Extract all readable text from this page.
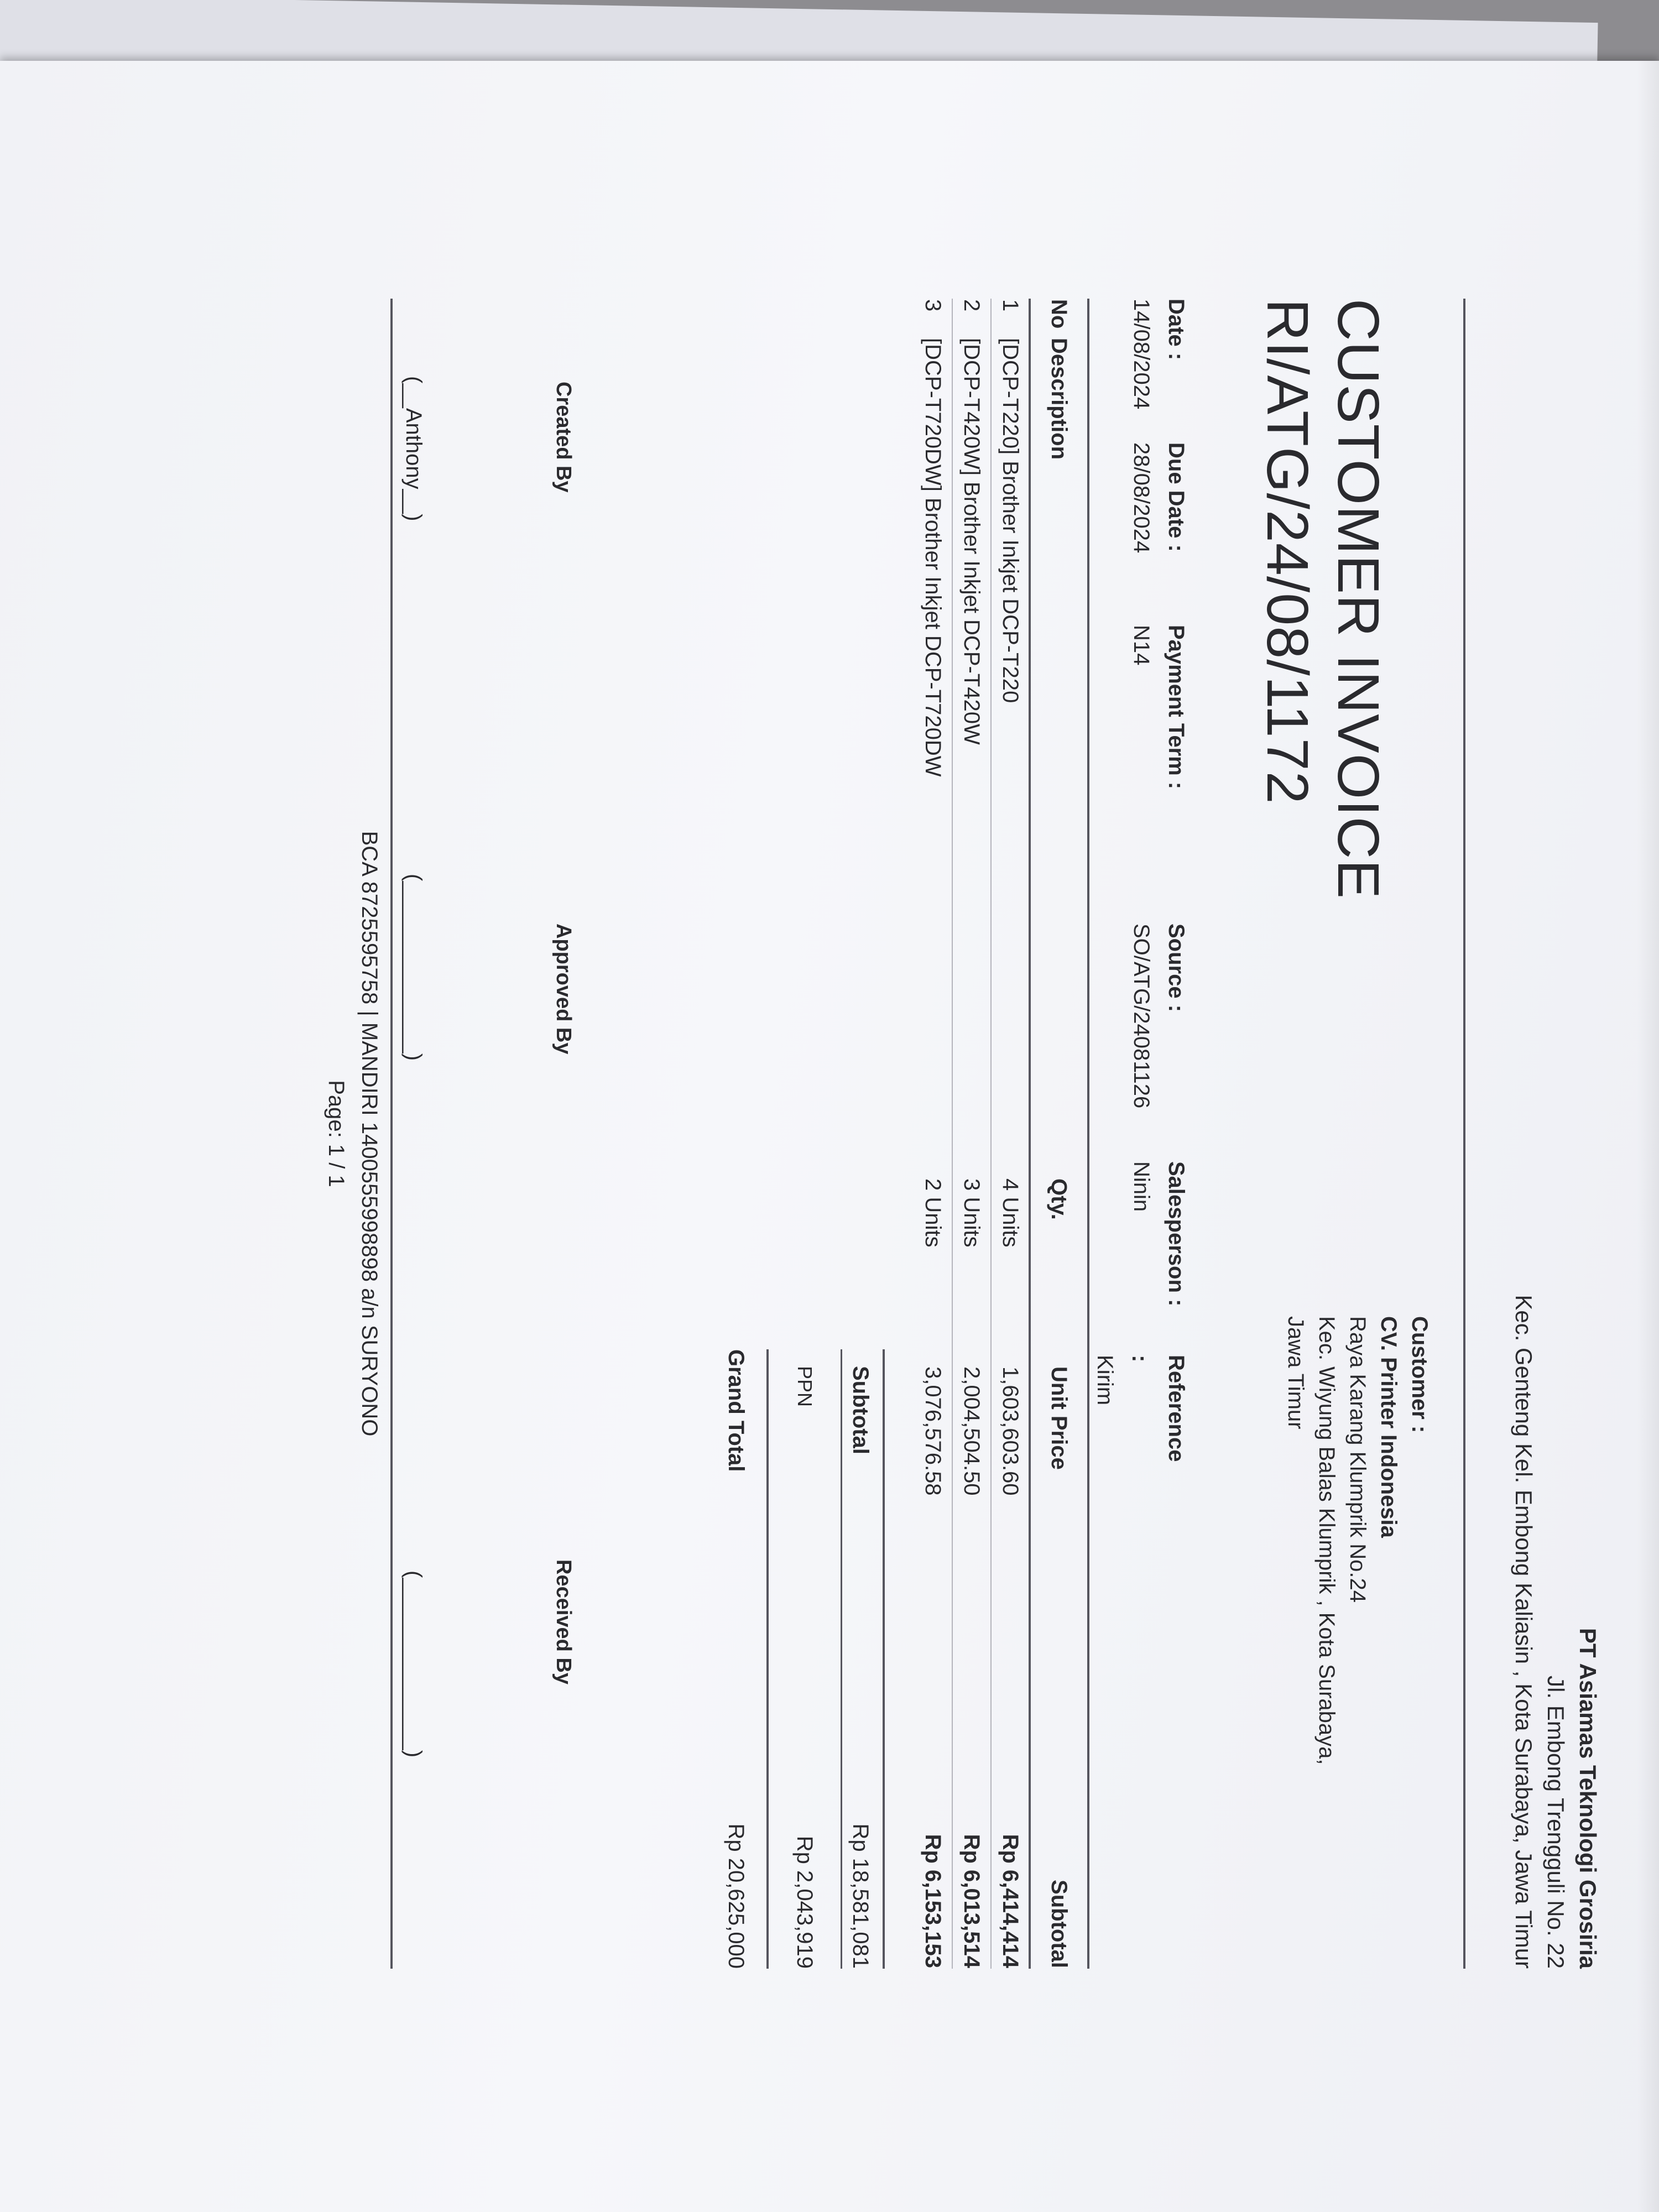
PT Asiamas Teknologi Grosiria
Jl. Embong Trengguli No. 22
Kec. Genteng Kel. Embong Kaliasin , Kota Surabaya, Jawa Timur
Customer :
CV. Printer Indonesia
Raya Karang Klumprik No.24
Kec. Wiyung Balas Klumprik , Kota Surabaya,
Jawa Timur
CUSTOMER INVOICE
RI/ATG/24/08/1172
Date :
14/08/2024
Due Date :
28/08/2024
Payment Term :
N14
Source :
SO/ATG/24081126
Salesperson :
Ninin
Reference :
Kirim
No	Description	Qty.	Unit Price	Subtotal
1	[DCP-T220] Brother Inkjet DCP-T220	4 Units	1,603,603.60	Rp 6,414,414
2	[DCP-T420W] Brother Inkjet DCP-T420W	3 Units	2,004,504.50	Rp 6,013,514
3	[DCP-T720DW] Brother Inkjet DCP-T720DW	2 Units	3,076,576.58	Rp 6,153,153
Subtotal
Rp 18,581,081
PPN
Rp 2,043,919
Grand Total
Rp 20,625,000
Created By
Approved By
Received By
(__Anthony__)
(______________)
(______________)
BCA 8725595758 | MANDIRI 1400555998898 a/n SURYONO
Page: 1 / 1
